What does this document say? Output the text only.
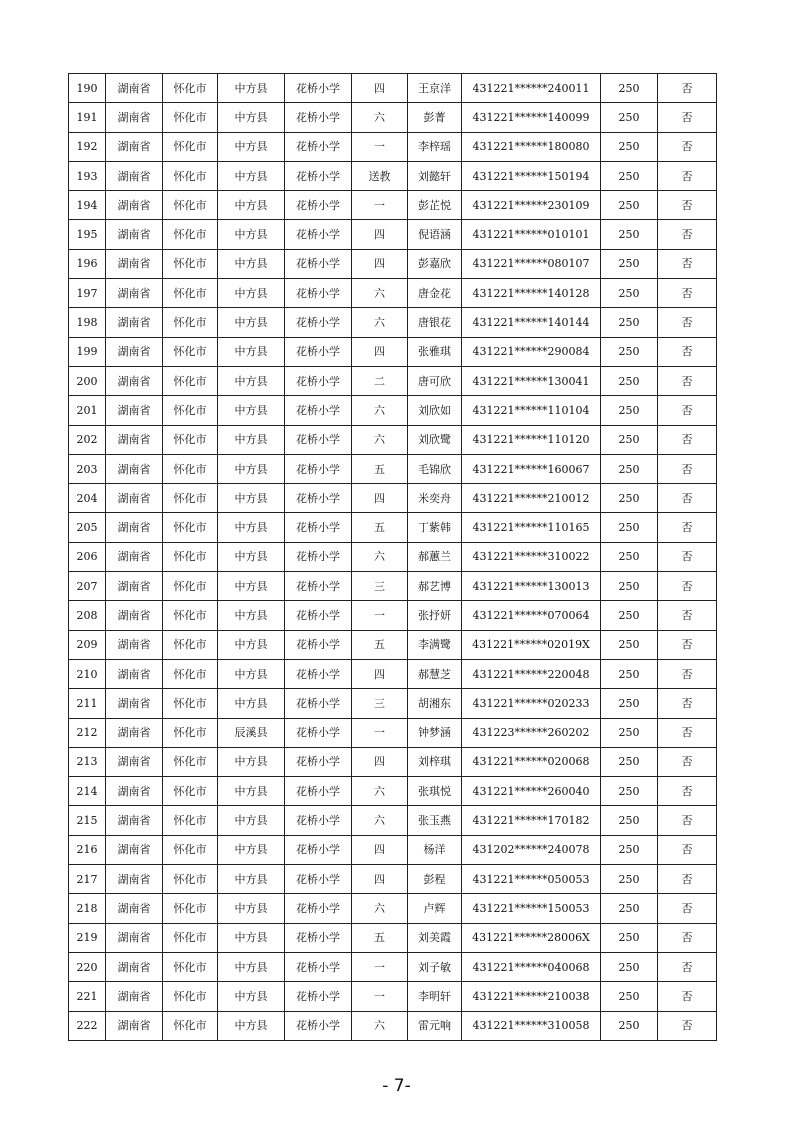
190	湖南省	怀化市	中方县	花桥小学	四	王京洋	431221******240011	250	否
191	湖南省	怀化市	中方县	花桥小学	六	彭菁	431221******140099	250	否
192	湖南省	怀化市	中方县	花桥小学	一	李梓瑶	431221******180080	250	否
193	湖南省	怀化市	中方县	花桥小学	送教	刘懿轩	431221******150194	250	否
194	湖南省	怀化市	中方县	花桥小学	一	彭芷悦	431221******230109	250	否
195	湖南省	怀化市	中方县	花桥小学	四	倪语涵	431221******010101	250	否
196	湖南省	怀化市	中方县	花桥小学	四	彭嘉欣	431221******080107	250	否
197	湖南省	怀化市	中方县	花桥小学	六	唐金花	431221******140128	250	否
198	湖南省	怀化市	中方县	花桥小学	六	唐银花	431221******140144	250	否
199	湖南省	怀化市	中方县	花桥小学	四	张雅琪	431221******290084	250	否
200	湖南省	怀化市	中方县	花桥小学	二	唐可欣	431221******130041	250	否
201	湖南省	怀化市	中方县	花桥小学	六	刘欣如	431221******110104	250	否
202	湖南省	怀化市	中方县	花桥小学	六	刘欣鹭	431221******110120	250	否
203	湖南省	怀化市	中方县	花桥小学	五	毛锦欣	431221******160067	250	否
204	湖南省	怀化市	中方县	花桥小学	四	米奕舟	431221******210012	250	否
205	湖南省	怀化市	中方县	花桥小学	五	丁紫韩	431221******110165	250	否
206	湖南省	怀化市	中方县	花桥小学	六	郝蕙兰	431221******310022	250	否
207	湖南省	怀化市	中方县	花桥小学	三	郝艺博	431221******130013	250	否
208	湖南省	怀化市	中方县	花桥小学	一	张抒妍	431221******070064	250	否
209	湖南省	怀化市	中方县	花桥小学	五	李满鹭	431221******02019X	250	否
210	湖南省	怀化市	中方县	花桥小学	四	郝慧芝	431221******220048	250	否
211	湖南省	怀化市	中方县	花桥小学	三	胡湘东	431221******020233	250	否
212	湖南省	怀化市	辰溪县	花桥小学	一	钟梦涵	431223******260202	250	否
213	湖南省	怀化市	中方县	花桥小学	四	刘梓琪	431221******020068	250	否
214	湖南省	怀化市	中方县	花桥小学	六	张琪悦	431221******260040	250	否
215	湖南省	怀化市	中方县	花桥小学	六	张玉燕	431221******170182	250	否
216	湖南省	怀化市	中方县	花桥小学	四	杨洋	431202******240078	250	否
217	湖南省	怀化市	中方县	花桥小学	四	彭程	431221******050053	250	否
218	湖南省	怀化市	中方县	花桥小学	六	卢辉	431221******150053	250	否
219	湖南省	怀化市	中方县	花桥小学	五	刘美霞	431221******28006X	250	否
220	湖南省	怀化市	中方县	花桥小学	一	刘子敏	431221******040068	250	否
221	湖南省	怀化市	中方县	花桥小学	一	李明轩	431221******210038	250	否
222	湖南省	怀化市	中方县	花桥小学	六	雷元响	431221******310058	250	否
- 7-
